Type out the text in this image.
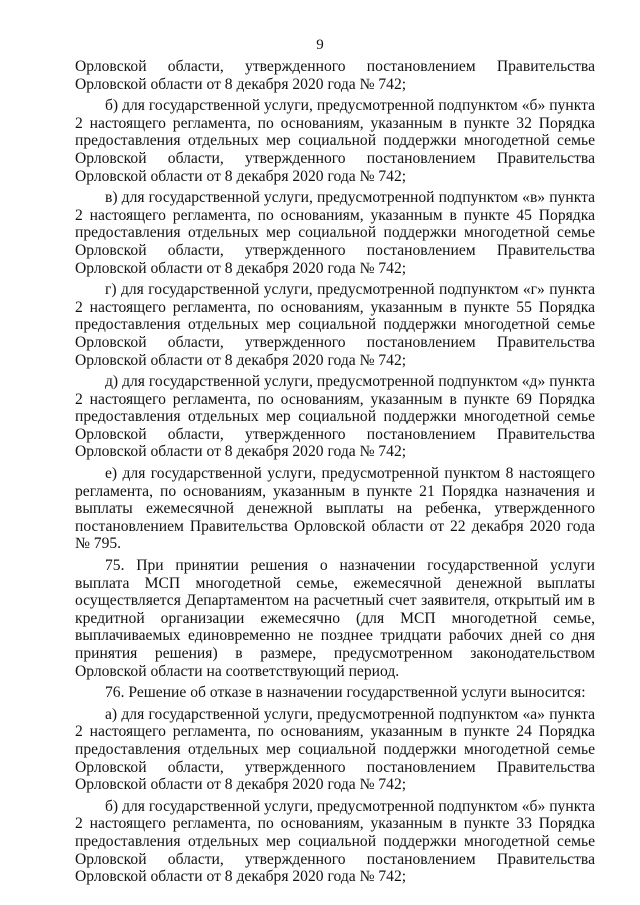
9

Орловской области, утвержденного постановлением Правительства Орловской области от 8 декабря 2020 года № 742;

б) для государственной услуги, предусмотренной подпунктом «б» пункта 2 настоящего регламента, по основаниям, указанным в пункте 32 Порядка предоставления отдельных мер социальной поддержки многодетной семье Орловской области, утвержденного постановлением Правительства Орловской области от 8 декабря 2020 года № 742;

в) для государственной услуги, предусмотренной подпунктом «в» пункта 2 настоящего регламента, по основаниям, указанным в пункте 45 Порядка предоставления отдельных мер социальной поддержки многодетной семье Орловской области, утвержденного постановлением Правительства Орловской области от 8 декабря 2020 года № 742;

г) для государственной услуги, предусмотренной подпунктом «г» пункта 2 настоящего регламента, по основаниям, указанным в пункте 55 Порядка предоставления отдельных мер социальной поддержки многодетной семье Орловской области, утвержденного постановлением Правительства Орловской области от 8 декабря 2020 года № 742;

д) для государственной услуги, предусмотренной подпунктом «д» пункта 2 настоящего регламента, по основаниям, указанным в пункте 69 Порядка предоставления отдельных мер социальной поддержки многодетной семье Орловской области, утвержденного постановлением Правительства Орловской области от 8 декабря 2020 года № 742;

е) для государственной услуги, предусмотренной пунктом 8 настоящего регламента, по основаниям, указанным в пункте 21 Порядка назначения и выплаты ежемесячной денежной выплаты на ребенка, утвержденного постановлением Правительства Орловской области от 22 декабря 2020 года № 795.

75. При принятии решения о назначении государственной услуги выплата МСП многодетной семье, ежемесячной денежной выплаты осуществляется Департаментом на расчетный счет заявителя, открытый им в кредитной организации ежемесячно (для МСП многодетной семье, выплачиваемых единовременно не позднее тридцати рабочих дней со дня принятия решения) в размере, предусмотренном законодательством Орловской области на соответствующий период.

76. Решение об отказе в назначении государственной услуги выносится:

а) для государственной услуги, предусмотренной подпунктом «а» пункта 2 настоящего регламента, по основаниям, указанным в пункте 24 Порядка предоставления отдельных мер социальной поддержки многодетной семье Орловской области, утвержденного постановлением Правительства Орловской области от 8 декабря 2020 года № 742;

б) для государственной услуги, предусмотренной подпунктом «б» пункта 2 настоящего регламента, по основаниям, указанным в пункте 33 Порядка предоставления отдельных мер социальной поддержки многодетной семье Орловской области, утвержденного постановлением Правительства Орловской области от 8 декабря 2020 года № 742;
